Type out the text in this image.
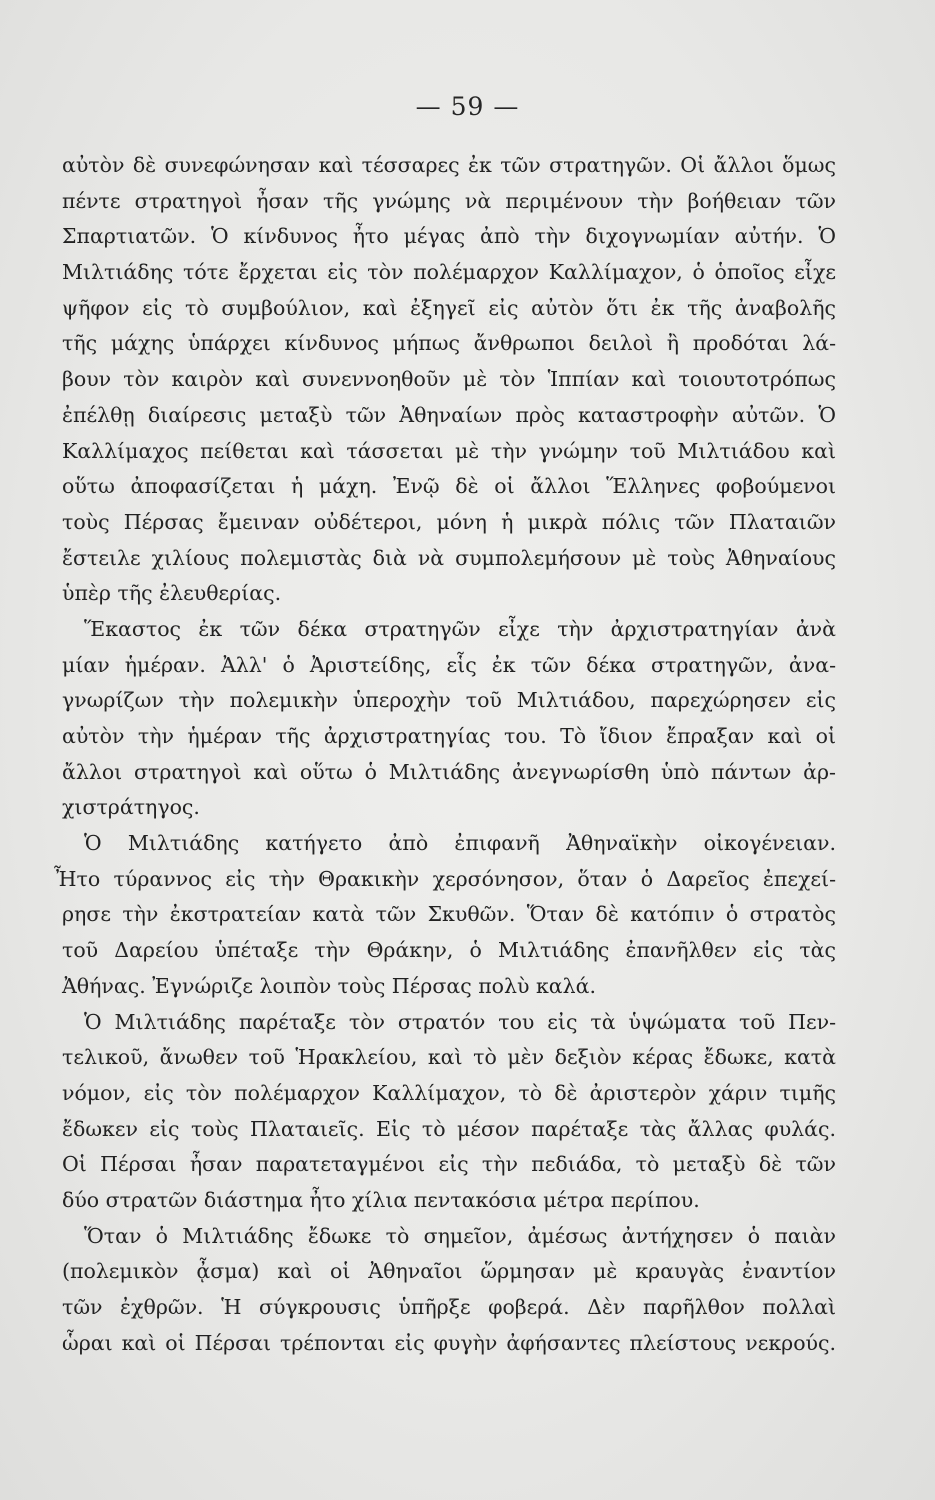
— 59 —
αὐτὸν δὲ συνεφώνησαν καὶ τέσσαρες ἐκ τῶν στρατηγῶν. Οἱ ἄλλοι ὅμως
πέντε στρατηγοὶ ἦσαν τῆς γνώμης νὰ περιμένουν τὴν βοήθειαν τῶν
Σπαρτιατῶν. Ὁ κίνδυνος ἦτο μέγας ἀπὸ τὴν διχογνωμίαν αὐτήν. Ὁ
Μιλτιάδης τότε ἔρχεται εἰς τὸν πολέμαρχον Καλλίμαχον, ὁ ὁποῖος εἶχε
ψῆφον εἰς τὸ συμβούλιον, καὶ ἐξηγεῖ εἰς αὐτὸν ὅτι ἐκ τῆς ἀναβολῆς
τῆς μάχης ὑπάρχει κίνδυνος μήπως ἄνθρωποι δειλοὶ ἢ προδόται λά-
βουν τὸν καιρὸν καὶ συνεννοηθοῦν μὲ τὸν Ἱππίαν καὶ τοιουτοτρόπως
ἐπέλθῃ διαίρεσις μεταξὺ τῶν Ἀθηναίων πρὸς καταστροφὴν αὐτῶν. Ὁ
Καλλίμαχος πείθεται καὶ τάσσεται μὲ τὴν γνώμην τοῦ Μιλτιάδου καὶ
οὕτω ἀποφασίζεται ἡ μάχη. Ἐνῷ δὲ οἱ ἄλλοι Ἕλληνες φοβούμενοι
τοὺς Πέρσας ἔμειναν οὐδέτεροι, μόνη ἡ μικρὰ πόλις τῶν Πλαταιῶν
ἔστειλε χιλίους πολεμιστὰς διὰ νὰ συμπολεμήσουν μὲ τοὺς Ἀθηναίους
ὑπὲρ τῆς ἐλευθερίας.
Ἕκαστος ἐκ τῶν δέκα στρατηγῶν εἶχε τὴν ἀρχιστρατηγίαν ἀνὰ
μίαν ἡμέραν. Ἀλλ' ὁ Ἀριστείδης, εἷς ἐκ τῶν δέκα στρατηγῶν, ἀνα-
γνωρίζων τὴν πολεμικὴν ὑπεροχὴν τοῦ Μιλτιάδου, παρεχώρησεν εἰς
αὐτὸν τὴν ἡμέραν τῆς ἀρχιστρατηγίας του. Τὸ ἴδιον ἔπραξαν καὶ οἱ
ἄλλοι στρατηγοὶ καὶ οὕτω ὁ Μιλτιάδης ἀνεγνωρίσθη ὑπὸ πάντων ἀρ-
χιστράτηγος.
Ὁ Μιλτιάδης κατήγετο ἀπὸ ἐπιφανῆ Ἀθηναϊκὴν οἰκογένειαν.
Ἦτο τύραννος εἰς τὴν Θρακικὴν χερσόνησον, ὅταν ὁ Δαρεῖος ἐπεχεί-
ρησε τὴν ἐκστρατείαν κατὰ τῶν Σκυθῶν. Ὅταν δὲ κατόπιν ὁ στρατὸς
τοῦ Δαρείου ὑπέταξε τὴν Θράκην, ὁ Μιλτιάδης ἐπανῆλθεν εἰς τὰς
Ἀθήνας. Ἐγνώριζε λοιπὸν τοὺς Πέρσας πολὺ καλά.
Ὁ Μιλτιάδης παρέταξε τὸν στρατόν του εἰς τὰ ὑψώματα τοῦ Πεν-
τελικοῦ, ἄνωθεν τοῦ Ἡρακλείου, καὶ τὸ μὲν δεξιὸν κέρας ἔδωκε, κατὰ
νόμον, εἰς τὸν πολέμαρχον Καλλίμαχον, τὸ δὲ ἀριστερὸν χάριν τιμῆς
ἔδωκεν εἰς τοὺς Πλαταιεῖς. Εἰς τὸ μέσον παρέταξε τὰς ἄλλας φυλάς.
Οἱ Πέρσαι ἦσαν παρατεταγμένοι εἰς τὴν πεδιάδα, τὸ μεταξὺ δὲ τῶν
δύο στρατῶν διάστημα ἦτο χίλια πεντακόσια μέτρα περίπου.
Ὅταν ὁ Μιλτιάδης ἔδωκε τὸ σημεῖον, ἀμέσως ἀντήχησεν ὁ παιὰν
(πολεμικὸν ᾆσμα) καὶ οἱ Ἀθηναῖοι ὥρμησαν μὲ κραυγὰς ἐναντίον
τῶν ἐχθρῶν. Ἡ σύγκρουσις ὑπῆρξε φοβερά. Δὲν παρῆλθον πολλαὶ
ὧραι καὶ οἱ Πέρσαι τρέπονται εἰς φυγὴν ἀφήσαντες πλείστους νεκρούς.
